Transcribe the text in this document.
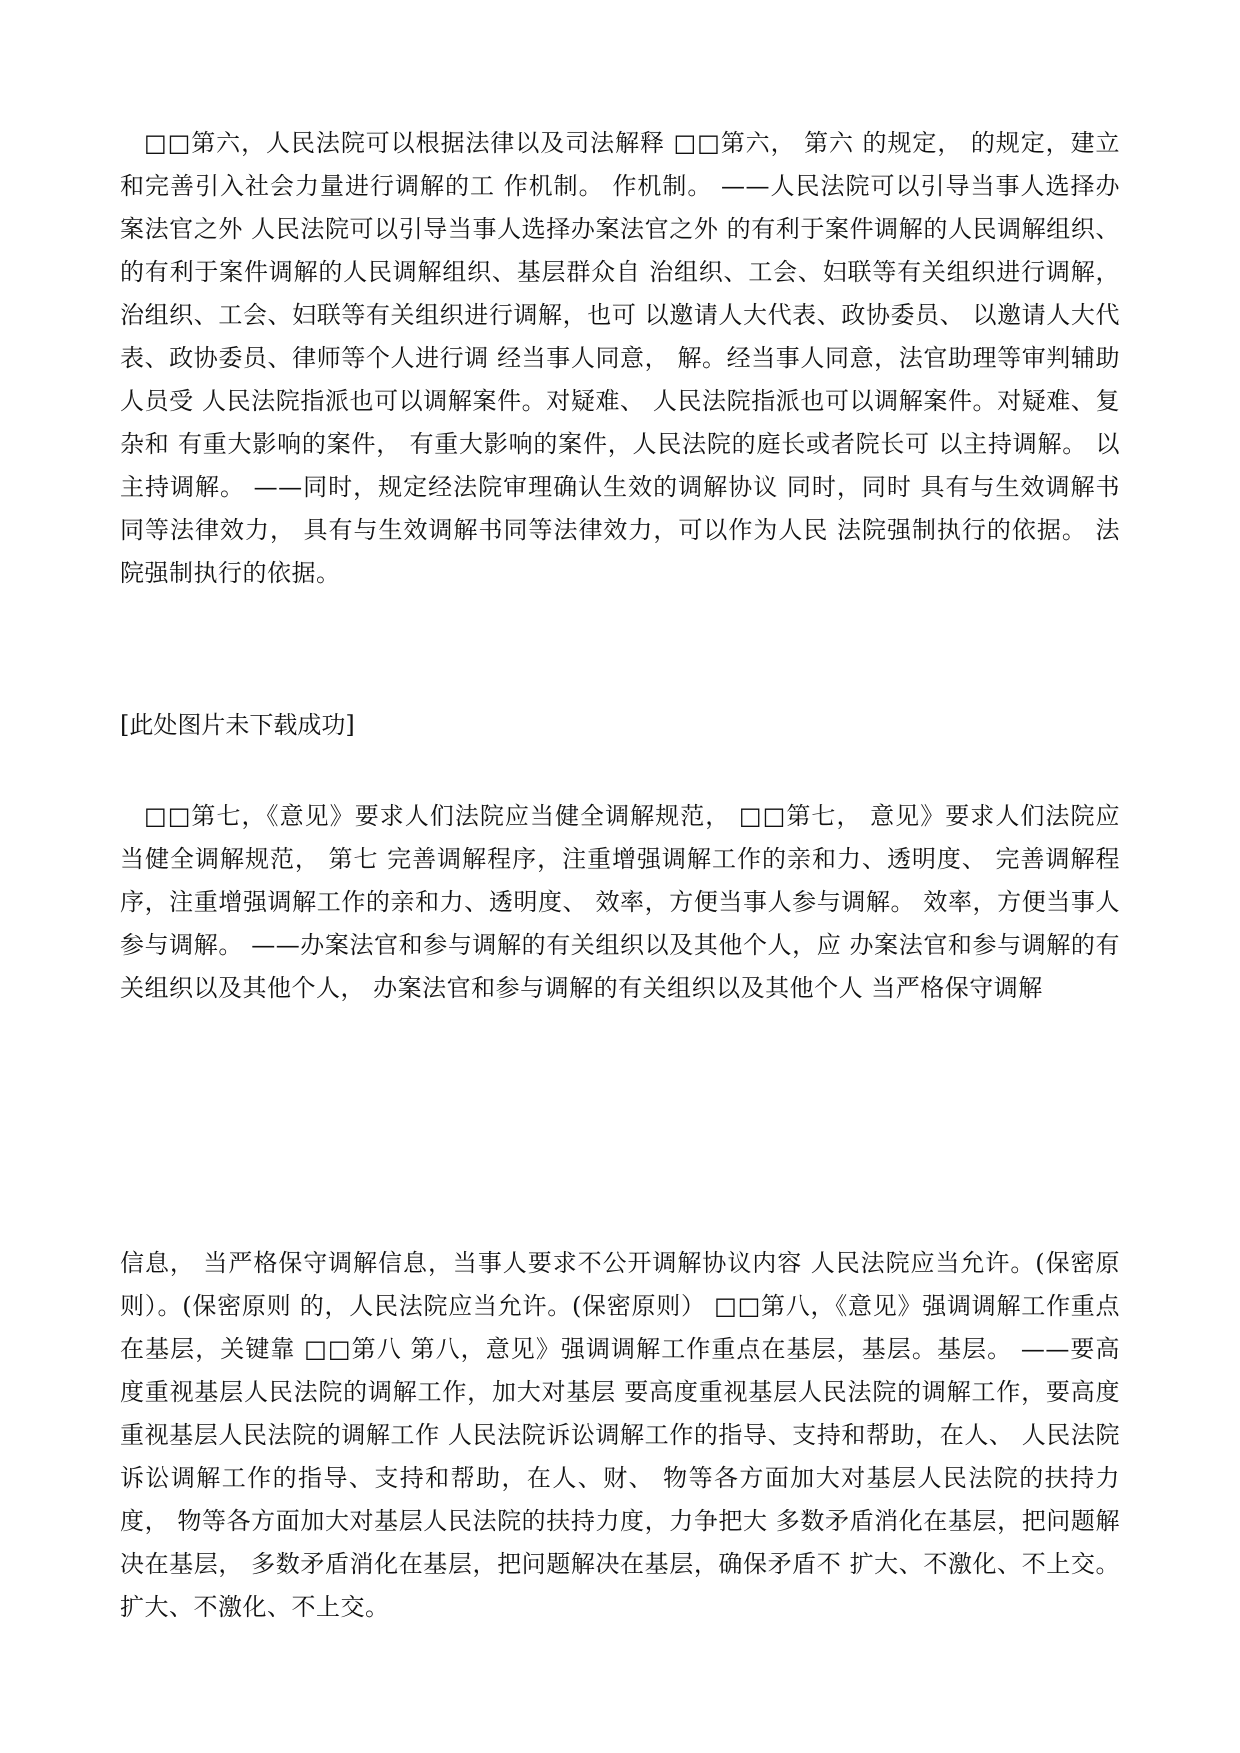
□□第六，人民法院可以根据法律以及司法解释 □□第六， 第六 的规定， 的规定，建立和完善引入社会力量进行调解的工 作机制。 作机制。 ——人民法院可以引导当事人选择办案法官之外 人民法院可以引导当事人选择办案法官之外 的有利于案件调解的人民调解组织、 的有利于案件调解的人民调解组织、基层群众自 治组织、工会、妇联等有关组织进行调解， 治组织、工会、妇联等有关组织进行调解，也可 以邀请人大代表、政协委员、 以邀请人大代表、政协委员、律师等个人进行调 经当事人同意， 解。经当事人同意，法官助理等审判辅助人员受 人民法院指派也可以调解案件。对疑难、 人民法院指派也可以调解案件。对疑难、复杂和 有重大影响的案件， 有重大影响的案件，人民法院的庭长或者院长可 以主持调解。 以主持调解。 ——同时，规定经法院审理确认生效的调解协议 同时，同时 具有与生效调解书同等法律效力， 具有与生效调解书同等法律效力，可以作为人民 法院强制执行的依据。 法院强制执行的依据。
[此处图片未下载成功]
□□第七，《意见》要求人们法院应当健全调解规范， □□第七， 意见》要求人们法院应当健全调解规范， 第七 完善调解程序，注重增强调解工作的亲和力、透明度、 完善调解程序，注重增强调解工作的亲和力、透明度、 效率，方便当事人参与调解。 效率，方便当事人参与调解。 ——办案法官和参与调解的有关组织以及其他个人，应 办案法官和参与调解的有关组织以及其他个人， 办案法官和参与调解的有关组织以及其他个人 当严格保守调解
信息， 当严格保守调解信息，当事人要求不公开调解协议内容 人民法院应当允许。(保密原则）。(保密原则 的，人民法院应当允许。(保密原则） □□第八，《意见》强调调解工作重点在基层，关键靠 □□第八 第八，意见》强调调解工作重点在基层，基层。基层。 ——要高度重视基层人民法院的调解工作，加大对基层 要高度重视基层人民法院的调解工作，要高度重视基层人民法院的调解工作 人民法院诉讼调解工作的指导、支持和帮助，在人、 人民法院诉讼调解工作的指导、支持和帮助，在人、财、 物等各方面加大对基层人民法院的扶持力度， 物等各方面加大对基层人民法院的扶持力度，力争把大 多数矛盾消化在基层，把问题解决在基层， 多数矛盾消化在基层，把问题解决在基层，确保矛盾不 扩大、不激化、不上交。 扩大、不激化、不上交。
